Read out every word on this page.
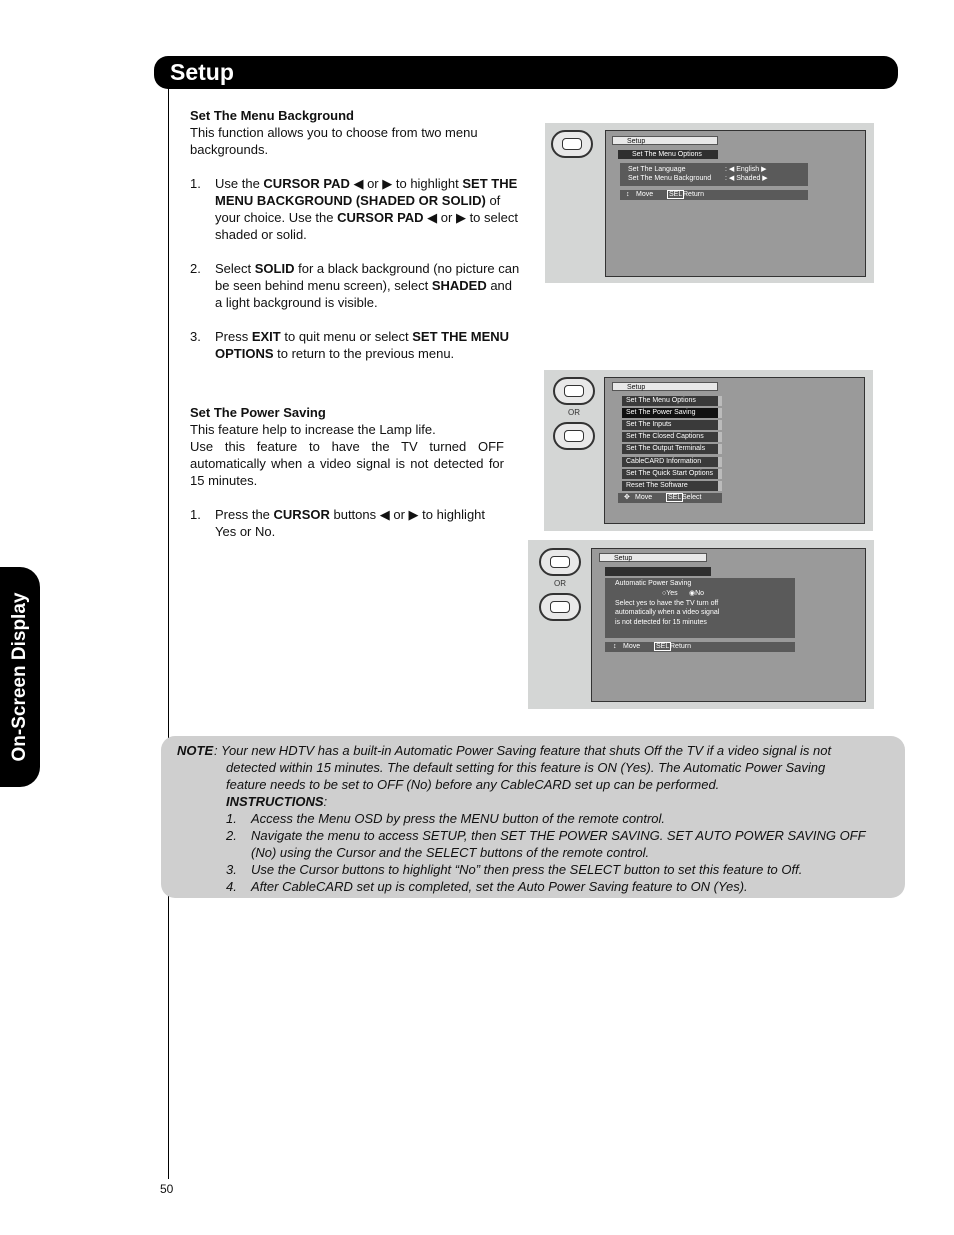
Setup
On-Screen Display
Set The Menu Background

This function allows you to choose from two menu backgrounds.

1. Use the CURSOR PAD ◀ or ▶ to highlight SET THE MENU BACKGROUND (SHADED OR SOLID) of your choice. Use the CURSOR PAD ◀ or ▶ to select shaded or solid.
2. Select SOLID for a black background (no picture can be seen behind menu screen), select SHADED and a light background is visible.
3. Press EXIT to quit menu or select SET THE MENU OPTIONS to return to the previous menu.
Set The Power Saving

This feature help to increase the Lamp life.

Use this feature to have the TV turned OFF automatically when a video signal is not detected for 15 minutes.

1. Press the CURSOR buttons ◀ or ▶ to highlight Yes or No.
Setup
Set The Menu Options
Set The Language	: ◀ English ▶
Set The Menu Background : ◀ Shaded ▶
↕ Move SEL Return
OR
Setup
Set The Menu Options
Set The Power Saving
Set The Inputs
Set The Closed Captions
Set The Output Terminals
CableCARD Information
Set The Quick Start Options
Reset The Software
✥ Move SEL Select
OR
Setup
Automatic Power Saving
○Yes ◉No
Select yes to have the TV turn off
automatically when a video signal
is not detected for 15 minutes
↕ Move SEL Return
NOTE : Your new HDTV has a built-in Automatic Power Saving feature that shuts Off the TV if a video signal is not detected within 15 minutes. The default setting for this feature is ON (Yes). The Automatic Power Saving feature needs to be set to OFF (No) before any CableCARD set up can be performed.
INSTRUCTIONS:
1. Access the Menu OSD by press the MENU button of the remote control.
2. Navigate the menu to access SETUP, then SET THE POWER SAVING. SET AUTO POWER SAVING OFF (No) using the Cursor and the SELECT buttons of the remote control.
3. Use the Cursor buttons to highlight “No” then press the SELECT button to set this feature to Off.
4. After CableCARD set up is completed, set the Auto Power Saving feature to ON (Yes).
50
